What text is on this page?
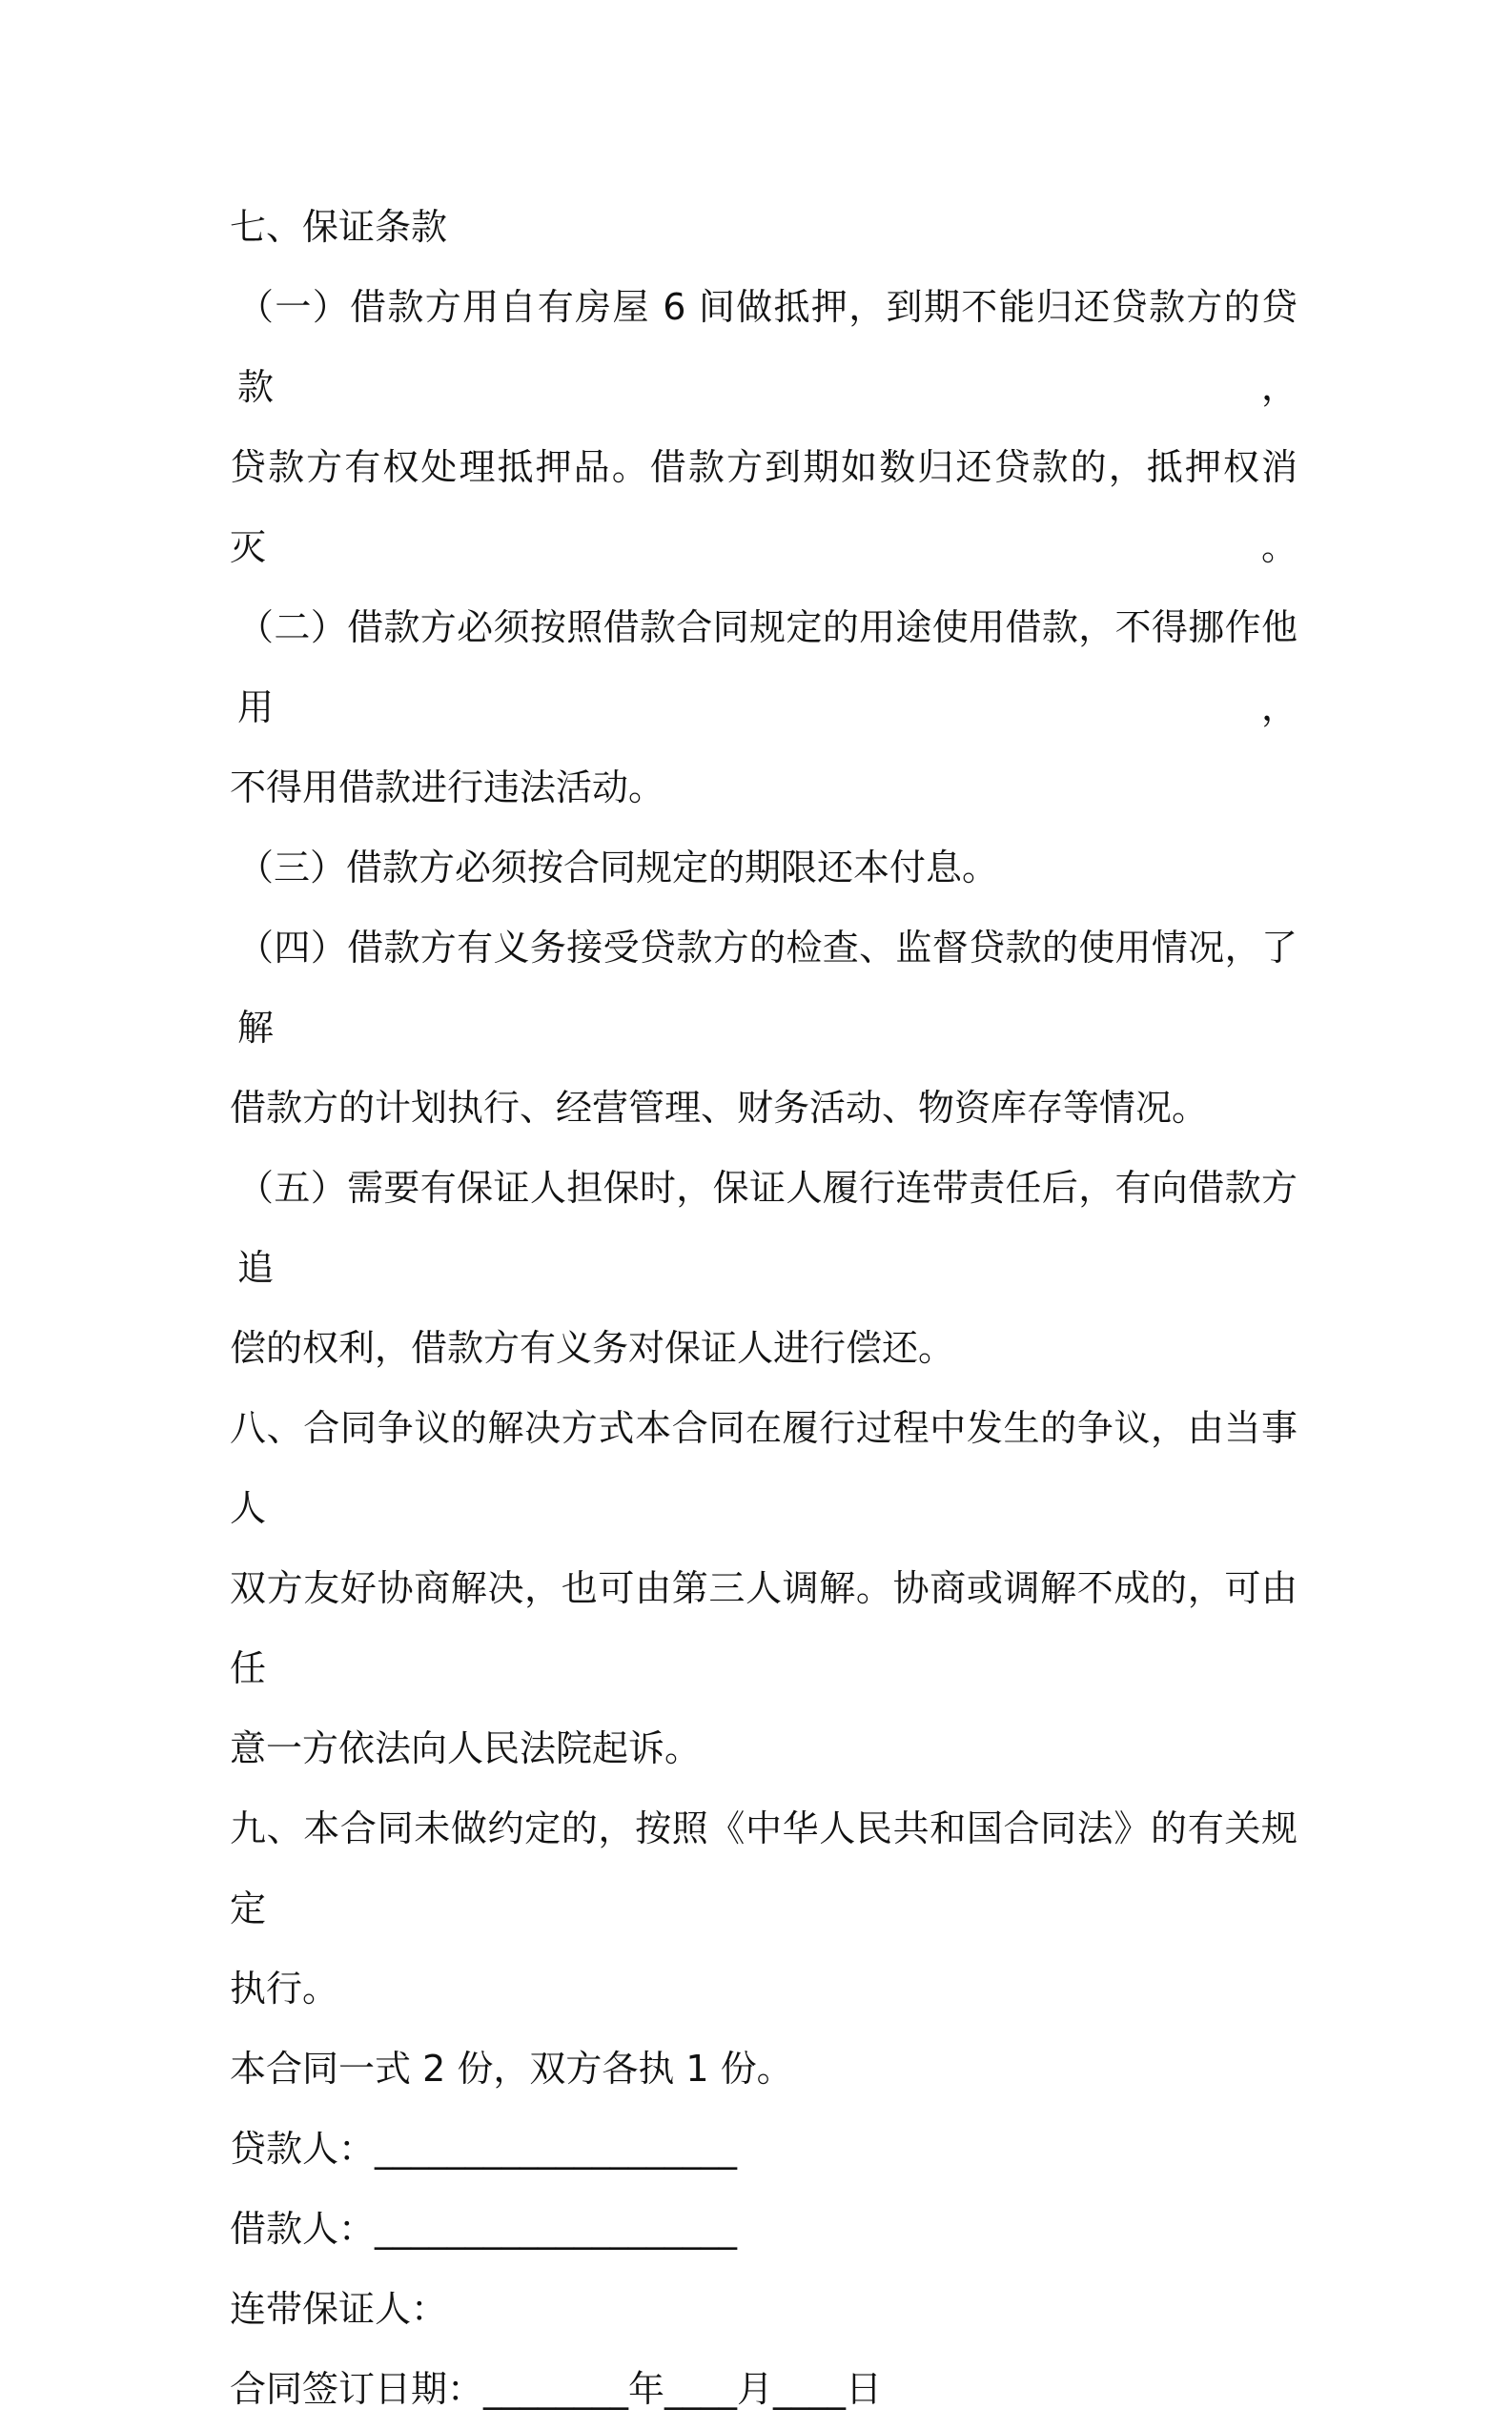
七、保证条款
（一）借款方用自有房屋 6 间做抵押，到期不能归还贷款方的贷款，
贷款方有权处理抵押品。借款方到期如数归还贷款的，抵押权消灭。
（二）借款方必须按照借款合同规定的用途使用借款，不得挪作他用，
不得用借款进行违法活动。
（三）借款方必须按合同规定的期限还本付息。
（四）借款方有义务接受贷款方的检查、监督贷款的使用情况，了解
借款方的计划执行、经营管理、财务活动、物资库存等情况。
（五）需要有保证人担保时，保证人履行连带责任后，有向借款方追
偿的权利，借款方有义务对保证人进行偿还。
八、合同争议的解决方式本合同在履行过程中发生的争议，由当事人
双方友好协商解决，也可由第三人调解。协商或调解不成的，可由任
意一方依法向人民法院起诉。
九、本合同未做约定的，按照《中华人民共和国合同法》的有关规定
执行。
本合同一式 2 份，双方各执 1 份。
贷款人：____________________
借款人：____________________
连带保证人：
合同签订日期：________年____月____日
